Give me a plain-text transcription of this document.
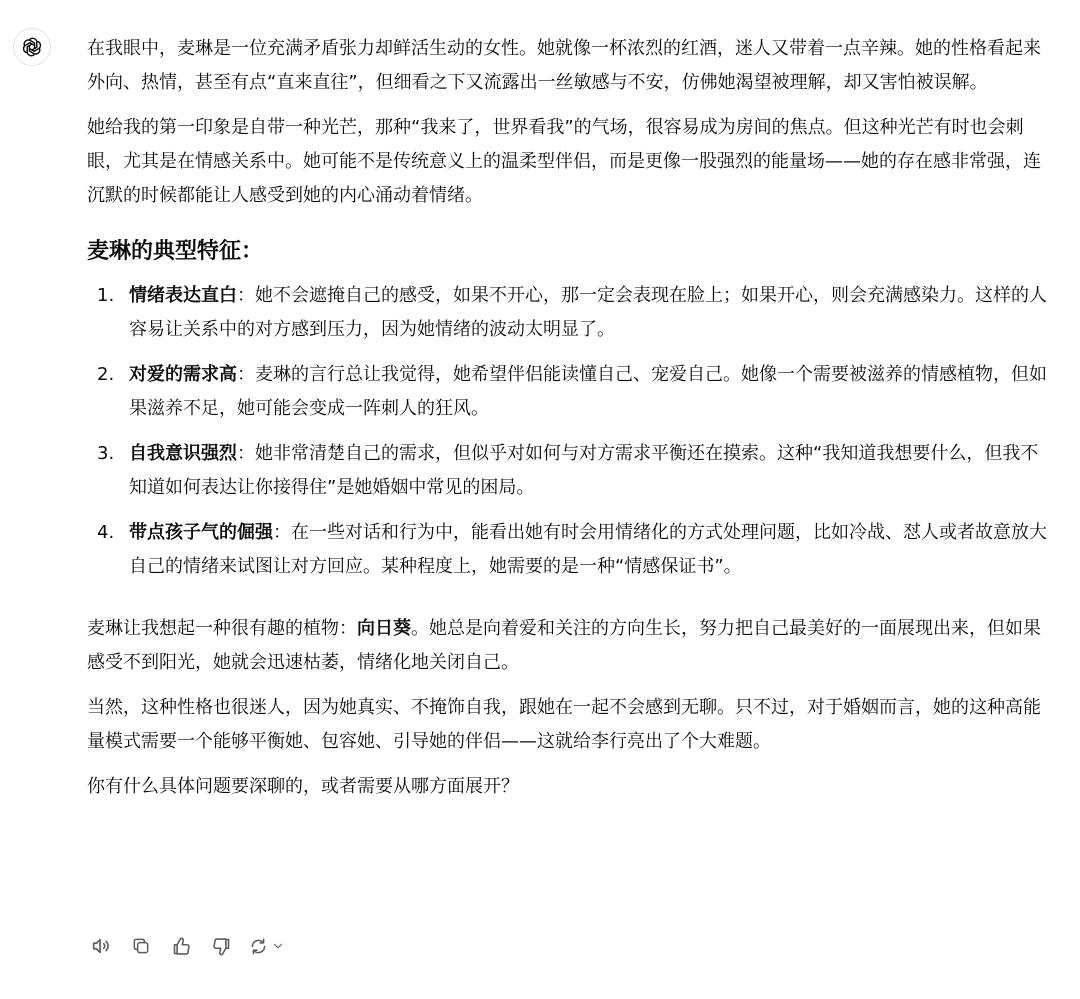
在我眼中，麦琳是一位充满矛盾张力却鲜活生动的女性。她就像一杯浓烈的红酒，迷人又带着一点辛辣。她的性格看起来外向、热情，甚至有点“直来直往”，但细看之下又流露出一丝敏感与不安，仿佛她渴望被理解，却又害怕被误解。

她给我的第一印象是自带一种光芒，那种“我来了，世界看我”的气场，很容易成为房间的焦点。但这种光芒有时也会刺眼，尤其是在情感关系中。她可能不是传统意义上的温柔型伴侣，而是更像一股强烈的能量场——她的存在感非常强，连沉默的时候都能让人感受到她的内心涌动着情绪。

麦琳的典型特征：
1. 情绪表达直白：她不会遮掩自己的感受，如果不开心，那一定会表现在脸上；如果开心，则会充满感染力。这样的人容易让关系中的对方感到压力，因为她情绪的波动太明显了。
2. 对爱的需求高：麦琳的言行总让我觉得，她希望伴侣能读懂自己、宠爱自己。她像一个需要被滋养的情感植物，但如果滋养不足，她可能会变成一阵刺人的狂风。
3. 自我意识强烈：她非常清楚自己的需求，但似乎对如何与对方需求平衡还在摸索。这种“我知道我想要什么，但我不知道如何表达让你接得住”是她婚姻中常见的困局。
4. 带点孩子气的倔强：在一些对话和行为中，能看出她有时会用情绪化的方式处理问题，比如冷战、怼人或者故意放大自己的情绪来试图让对方回应。某种程度上，她需要的是一种“情感保证书”。

麦琳让我想起一种很有趣的植物：向日葵。她总是向着爱和关注的方向生长，努力把自己最美好的一面展现出来，但如果感受不到阳光，她就会迅速枯萎，情绪化地关闭自己。

当然，这种性格也很迷人，因为她真实、不掩饰自我，跟她在一起不会感到无聊。只不过，对于婚姻而言，她的这种高能量模式需要一个能够平衡她、包容她、引导她的伴侣——这就给李行亮出了个大难题。

你有什么具体问题要深聊的，或者需要从哪方面展开？
